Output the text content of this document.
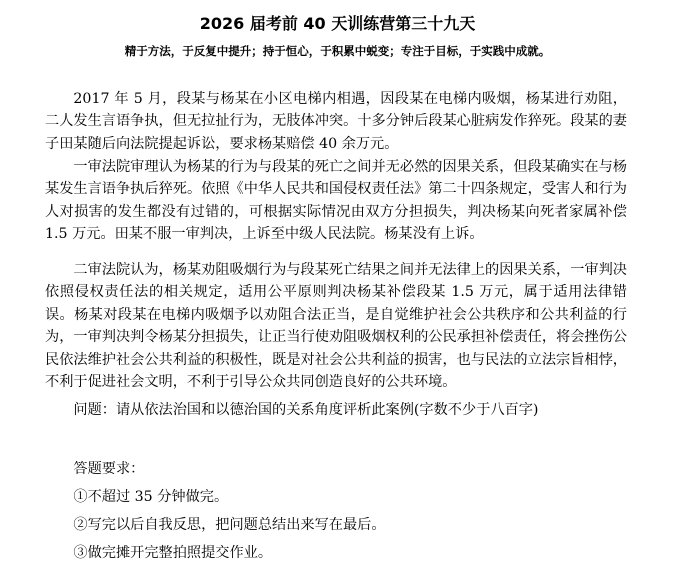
2026 届考前 40 天训练营第三十九天
精于方法，于反复中提升；持于恒心，于积累中蜕变；专注于目标，于实践中成就。

2017 年 5 月，段某与杨某在小区电梯内相遇，因段某在电梯内吸烟，杨某进行劝阻，二人发生言语争执，但无拉扯行为，无肢体冲突。十多分钟后段某心脏病发作猝死。段某的妻子田某随后向法院提起诉讼，要求杨某赔偿 40 余万元。

一审法院审理认为杨某的行为与段某的死亡之间并无必然的因果关系，但段某确实在与杨某发生言语争执后猝死。依照《中华人民共和国侵权责任法》第二十四条规定，受害人和行为人对损害的发生都没有过错的，可根据实际情况由双方分担损失，判决杨某向死者家属补偿 1.5 万元。田某不服一审判决，上诉至中级人民法院。杨某没有上诉。

二审法院认为，杨某劝阻吸烟行为与段某死亡结果之间并无法律上的因果关系，一审判决依照侵权责任法的相关规定，适用公平原则判决杨某补偿段某 1.5 万元，属于适用法律错误。杨某对段某在电梯内吸烟予以劝阻合法正当，是自觉维护社会公共秩序和公共利益的行为，一审判决判令杨某分担损失，让正当行使劝阻吸烟权利的公民承担补偿责任，将会挫伤公民依法维护社会公共利益的积极性，既是对社会公共利益的损害，也与民法的立法宗旨相悖，不利于促进社会文明，不利于引导公众共同创造良好的公共环境。

问题：请从依法治国和以德治国的关系角度评析此案例(字数不少于八百字)

答题要求：

①不超过 35 分钟做完。

②写完以后自我反思，把问题总结出来写在最后。

③做完摊开完整拍照提交作业。
